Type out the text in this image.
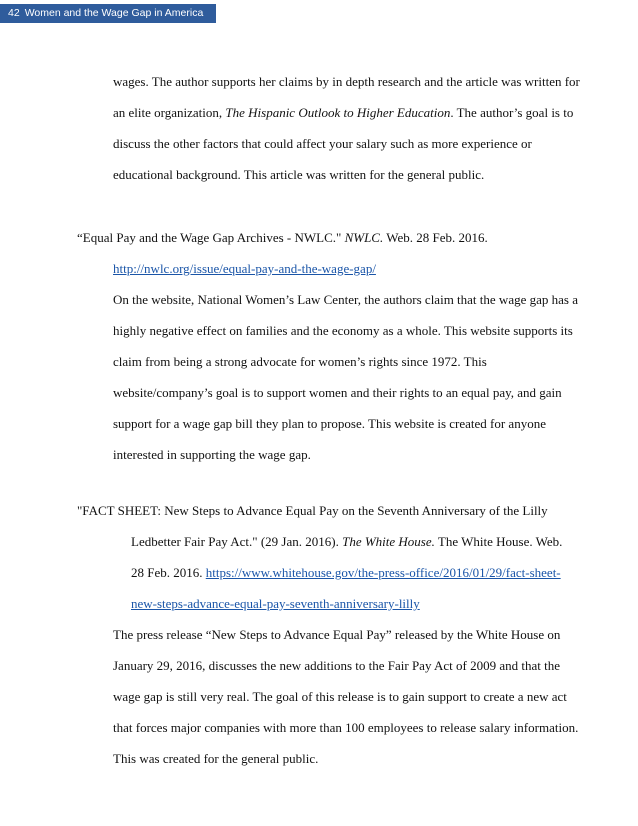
42 Women and the Wage Gap in America
wages. The author supports her claims by in depth research and the article was written for
an elite organization, The Hispanic Outlook to Higher Education. The author’s goal is to
discuss the other factors that could affect your salary such as more experience or
educational background. This article was written for the general public.
“Equal Pay and the Wage Gap Archives - NWLC." NWLC. Web. 28 Feb. 2016.
http://nwlc.org/issue/equal-pay-and-the-wage-gap/
On the website, National Women’s Law Center, the authors claim that the wage gap has a
highly negative effect on families and the economy as a whole. This website supports its
claim from being a strong advocate for women’s rights since 1972. This
website/company’s goal is to support women and their rights to an equal pay, and gain
support for a wage gap bill they plan to propose. This website is created for anyone
interested in supporting the wage gap.
"FACT SHEET: New Steps to Advance Equal Pay on the Seventh Anniversary of the Lilly
Ledbetter Fair Pay Act." (29 Jan. 2016). The White House. The White House. Web.
28 Feb. 2016. https://www.whitehouse.gov/the-press-office/2016/01/29/fact-sheet-
new-steps-advance-equal-pay-seventh-anniversary-lilly
The press release “New Steps to Advance Equal Pay” released by the White House on
January 29, 2016, discusses the new additions to the Fair Pay Act of 2009 and that the
wage gap is still very real. The goal of this release is to gain support to create a new act
that forces major companies with more than 100 employees to release salary information.
This was created for the general public.
